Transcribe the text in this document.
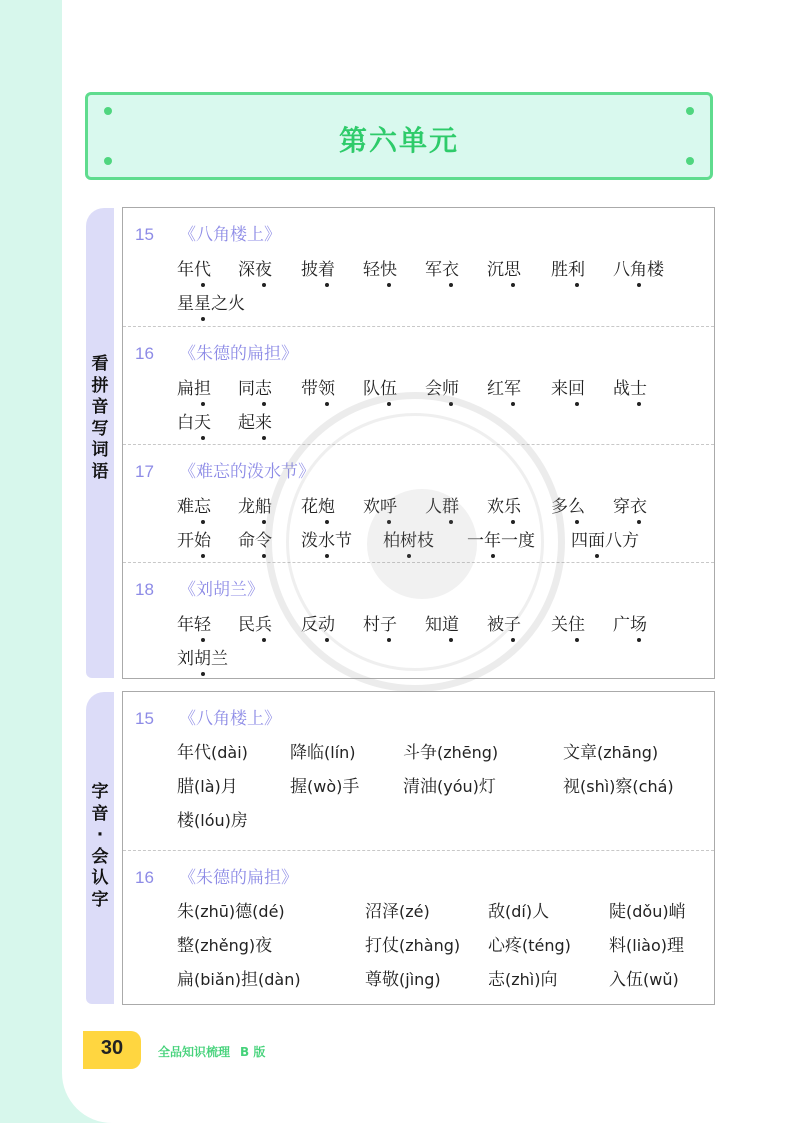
第六单元
看
拼
音
写
词
语
15 《八角楼上》
年代 深夜 披着 轻快 军衣 沉思 胜利 八角楼
星星之火
16 《朱德的扁担》
扁担 同志 带领 队伍 会师 红军 来回 战士
白天 起来
17 《难忘的泼水节》
难忘 龙船 花炮 欢呼 人群 欢乐 多么 穿衣
开始 命令 泼水节 柏树枝 一年一度 四面八方
18 《刘胡兰》
年轻 民兵 反动 村子 知道 被子 关住 广场
刘胡兰
字
音
·
会
认
字
15 《八角楼上》
年代(dài) 降临(lín)	斗争(zhēng)	文章(zhāng)
腊(là)月	握(wò)手	清油(yóu)灯	视(shì)察(chá)
楼(lóu)房
16 《朱德的扁担》
朱(zhū)德(dé)	沼泽(zé)	敌(dí)人	陡(dǒu)峭
整(zhěng)夜	打仗(zhàng) 心疼(téng) 料(liào)理
扁(biǎn)担(dàn)	尊敬(jìng)	志(zhì)向	入伍(wǔ)
30	全品知识梳理 B 版
